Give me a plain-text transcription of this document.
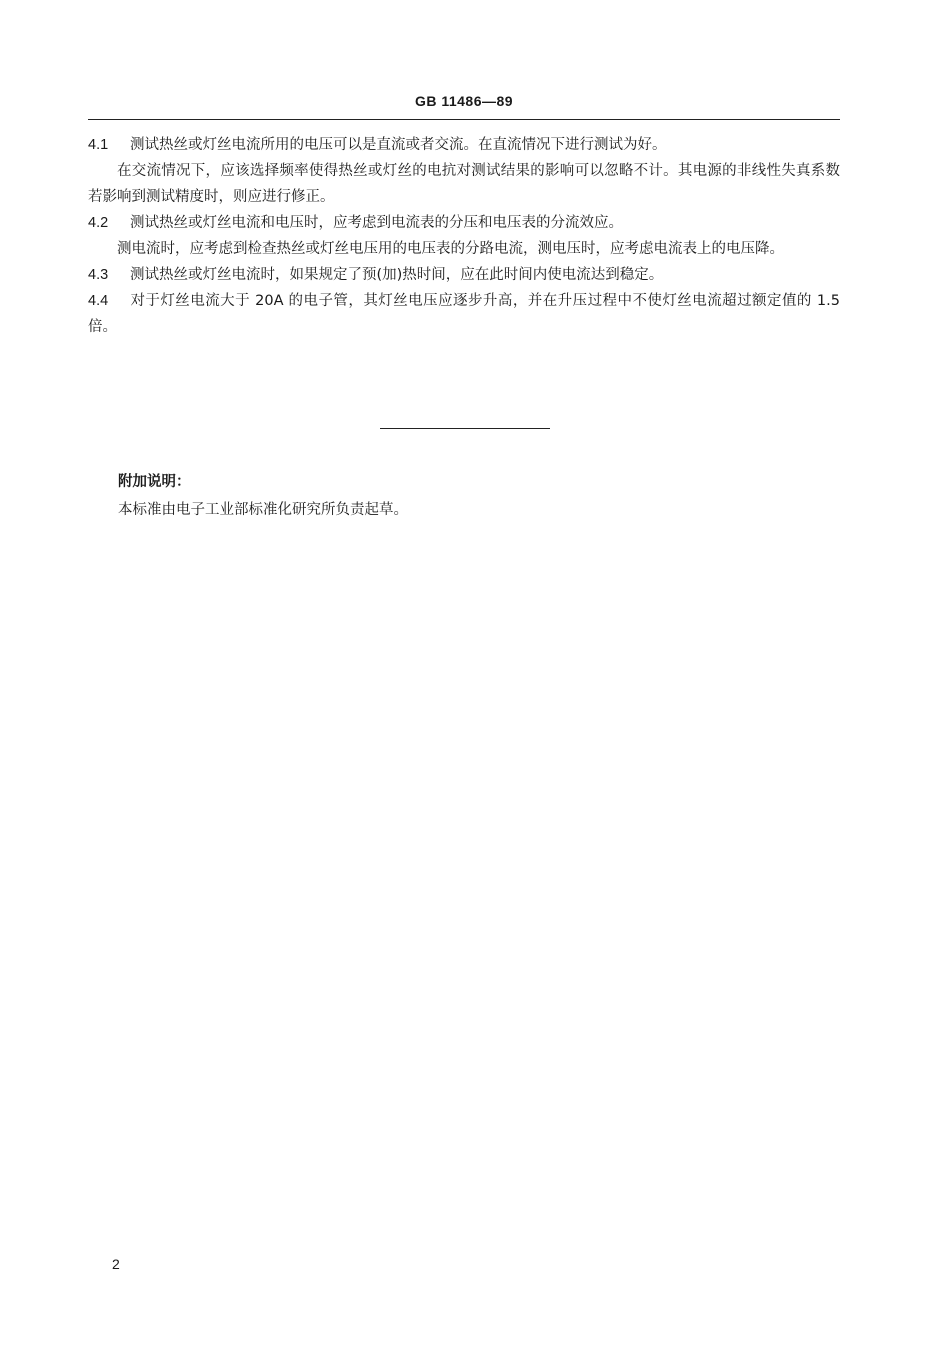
GB 11486—89

4.1 测试热丝或灯丝电流所用的电压可以是直流或者交流。在直流情况下进行测试为好。

在交流情况下，应该选择频率使得热丝或灯丝的电抗对测试结果的影响可以忽略不计。其电源的非线性失真系数若影响到测试精度时，则应进行修正。

4.2 测试热丝或灯丝电流和电压时，应考虑到电流表的分压和电压表的分流效应。

测电流时，应考虑到检查热丝或灯丝电压用的电压表的分路电流，测电压时，应考虑电流表上的电压降。

4.3 测试热丝或灯丝电流时，如果规定了预(加)热时间，应在此时间内使电流达到稳定。

4.4 对于灯丝电流大于 20A 的电子管，其灯丝电压应逐步升高，并在升压过程中不使灯丝电流超过额定值的 1.5 倍。

附加说明：

本标准由电子工业部标准化研究所负责起草。

2
